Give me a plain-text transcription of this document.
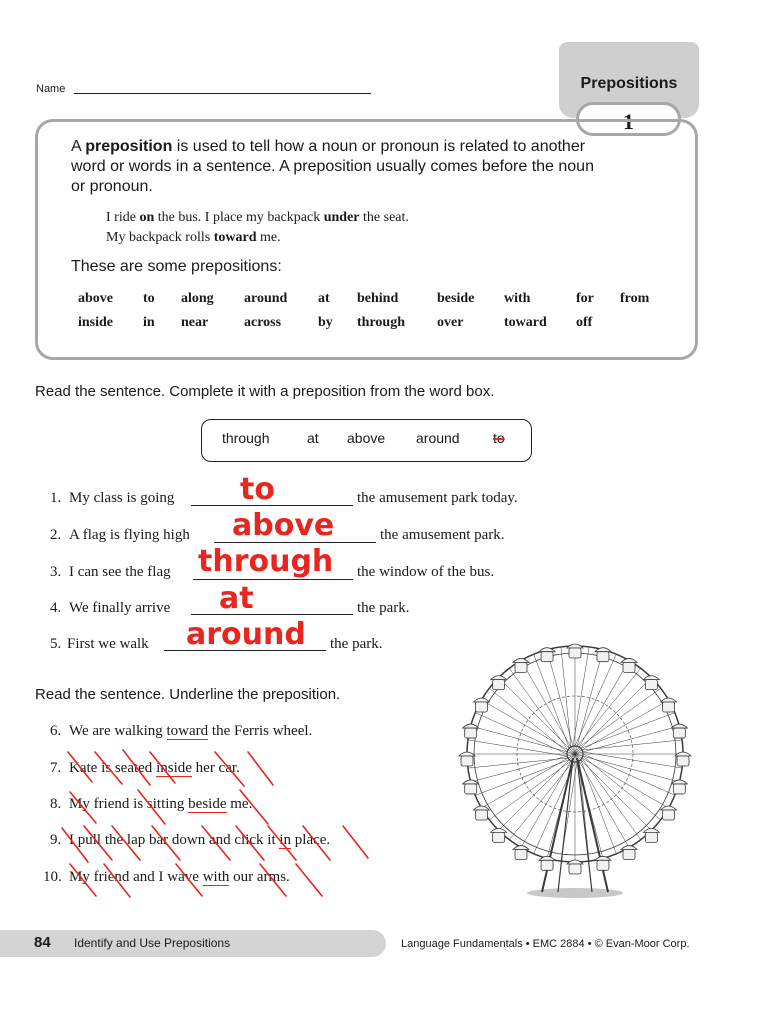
Name	Prepositions
1
A preposition is used to tell how a noun or pronoun is related to another word or words in a sentence. A preposition usually comes before the noun or pronoun.
I ride on the bus. I place my backpack under the seat.
My backpack rolls toward me.
These are some prepositions:
above to along around at behind	beside with	for from
inside in near	across	by through over	toward off
Read the sentence. Complete it with a preposition from the word box.
through	at above around to
1. My class is going to	the amusement park today.
2. A flag is flying high above	the amusement park.
3. I can see the flag through the window of the bus.
4. We finally arrive at	the park.
5. First we walk around the park.
Read the sentence. Underline the preposition.
6. We are walking toward the Ferris wheel.
7. Kate is seated inside her car.
8. My friend is sitting beside me.
9. I pull the lap bar down and click it in place.
10. My friend and I wave with our arms.
84 Identify and Use Prepositions	Language Fundamentals • EMC 2884 • © Evan-Moor Corp.
